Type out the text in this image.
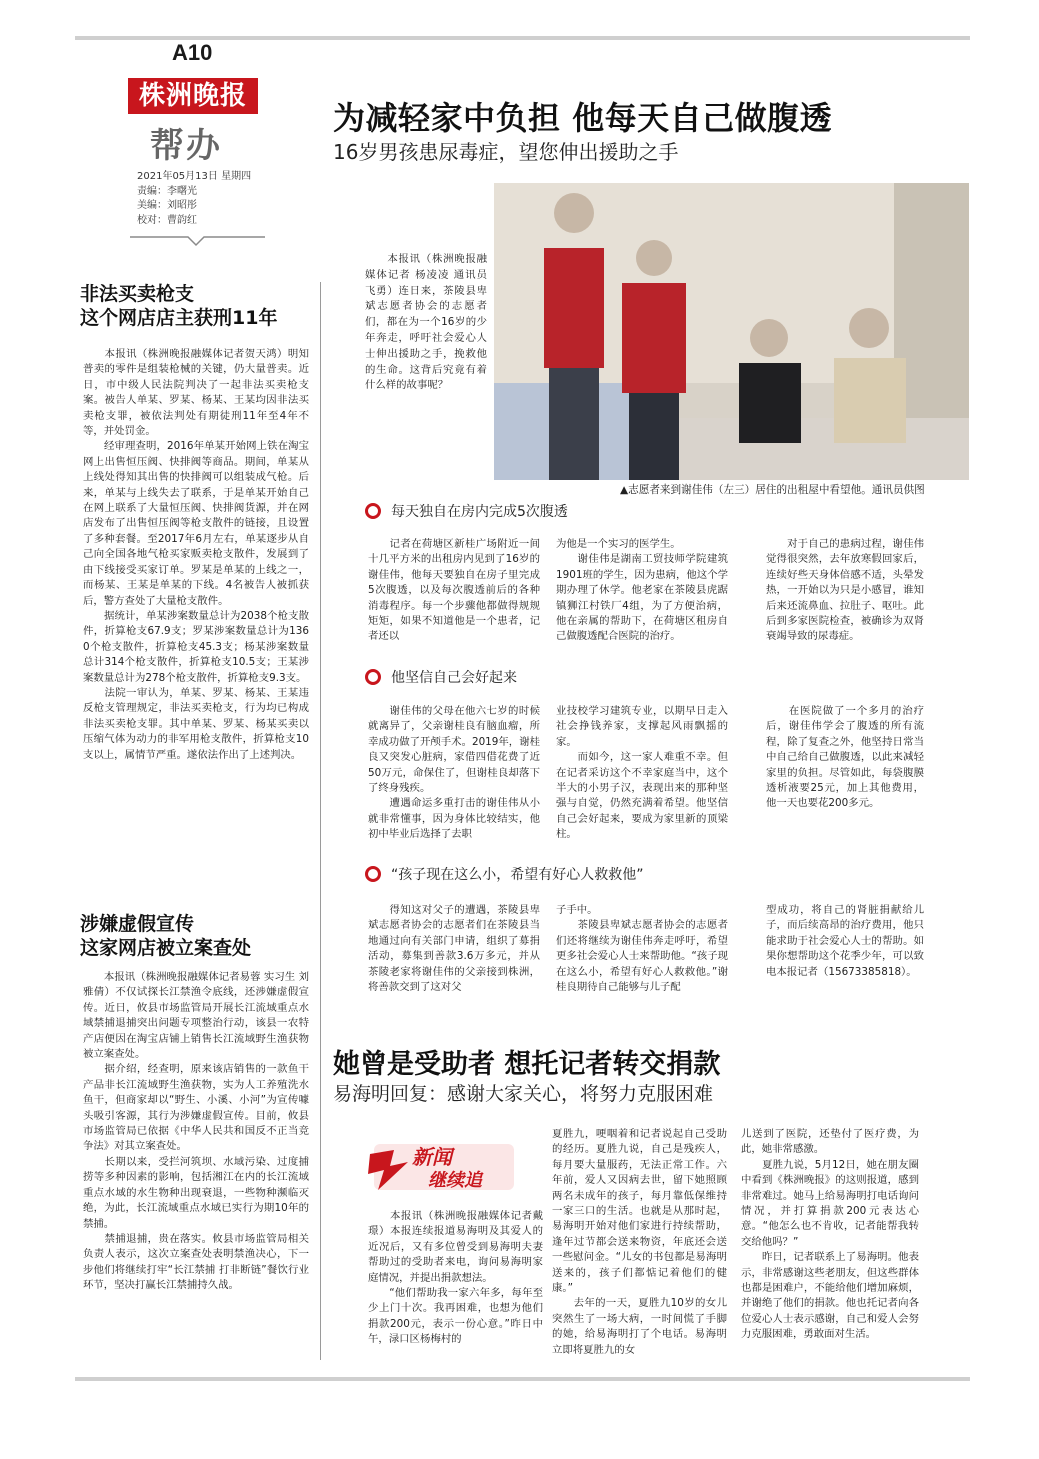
A10
株洲晚报
帮办
2021年05月13日 星期四
责编：李曙光
美编：刘昭彤
校对：曹韵红
非法买卖枪支
这个网店店主获刑11年
　　本报讯（株洲晚报融媒体记者贺天鸿）明知普卖的零件是组装枪械的关键，仍大量普卖。近日，市中级人民法院判决了一起非法买卖枪支案。被告人单某、罗某、杨某、王某均因非法买卖枪支罪，被依法判处有期徒刑11年至4年不等，并处罚金。
　　经审理查明，2016年单某开始网上铁在淘宝网上出售恒压阀、快排阀等商品。期间，单某从上线处得知其出售的快排阀可以组装成气枪。后来，单某与上线失去了联系，于是单某开始自己在网上联系了大量恒压阀、快排阀货源，并在网店发布了出售恒压阀等枪支散件的链接，且设置了多种套餐。至2017年6月左右，单某逐步从自己向全国各地气枪买家贩卖枪支散件，发展到了由下线接受买家订单。罗某是单某的上线之一，而杨某、王某是单某的下线。4名被告人被抓获后，警方查处了大量枪支散件。
　　据统计，单某涉案数量总计为2038个枪支散件，折算枪支67.9支；罗某涉案数量总计为1360个枪支散件，折算枪支45.3支；杨某涉案数量总计314个枪支散件，折算枪支10.5支；王某涉案数量总计为278个枪支散件，折算枪支9.3支。
　　法院一审认为，单某、罗某、杨某、王某违反枪支管理规定，非法买卖枪支，行为均已构成非法买卖枪支罪。其中单某、罗某、杨某买卖以压缩气体为动力的非军用枪支散件，折算枪支10支以上，属情节严重。遂依法作出了上述判决。
涉嫌虚假宣传
这家网店被立案查处
　　本报讯（株洲晚报融媒体记者易蓉 实习生 刘雅倩）不仅试探长江禁渔令底线，还涉嫌虚假宣传。近日，攸县市场监管局开展长江流域重点水域禁捕退捕突出问题专项整治行动，该县一农特产店便因在淘宝店铺上销售长江流域野生渔获物被立案查处。
　　据介绍，经查明，原来该店销售的一款鱼干产品非长江流域野生渔获物，实为人工养殖洗水鱼干，但商家却以“野生、小溪、小河”为宣传噱头吸引客源，其行为涉嫌虚假宣传。目前，攸县市场监管局已依据《中华人民共和国反不正当竞争法》对其立案查处。
　　长期以来，受拦河筑坝、水域污染、过度捕捞等多种因素的影响，包括湘江在内的长江流域重点水域的水生物种出现衰退，一些物种濒临灭绝，为此，长江流域重点水域已实行为期10年的禁捕。
　　禁捕退捕，贵在落实。攸县市场监管局相关负责人表示，这次立案查处表明禁渔决心，下一步他们将继续打牢“长江禁捕 打非断链”餐饮行业环节，坚决打赢长江禁捕持久战。
为减轻家中负担 他每天自己做腹透
16岁男孩患尿毒症，望您伸出援助之手
　　本报讯（株洲晚报融媒体记者 杨凌凌 通讯员 飞勇）连日来，茶陵县卑斌志愿者协会的志愿者们，都在为一个16岁的少年奔走，呼吁社会爱心人士伸出援助之手，挽救他的生命。这背后究竟有着什么样的故事呢？
▲志愿者来到谢佳伟（左三）居住的出租屋中看望他。通讯员供图
每天独自在房内完成5次腹透
　　记者在荷塘区新桂广场附近一间十几平方米的出租房内见到了16岁的谢佳伟，他每天要独自在房子里完成5次腹透，以及每次腹透前后的各种消毒程序。每一个步骤他都做得规规矩矩，如果不知道他是一个患者，记者还以
为他是一个实习的医学生。
　　谢佳伟是湖南工贸技师学院建筑1901班的学生，因为患病，他这个学期办理了休学。他老家在茶陵县虎踞镇狮江村铁厂4组，为了方便治病，他在亲属的帮助下，在荷塘区租房自己做腹透配合医院的治疗。
　　对于自己的患病过程，谢佳伟觉得很突然，去年放寒假回家后，连续好些天身体倍感不适，头晕发热，一开始以为只是小感冒，谁知后来还流鼻血、拉肚子、呕吐。此后到多家医院检查，被确诊为双肾衰竭导致的尿毒症。
他坚信自己会好起来
　　谢佳伟的父母在他六七岁的时候就离异了，父亲谢桂良有脑血瘤，所幸成功做了开颅手术。2019年，谢桂良又突发心脏病，家借四借花费了近50万元，命保住了，但谢桂良却落下了终身残疾。
　　遭遇命运多重打击的谢佳伟从小就非常懂事，因为身体比较结实，他初中毕业后选择了去职
业技校学习建筑专业，以期早日走入社会挣钱养家，支撑起风雨飘摇的家。
　　而如今，这一家人难重不幸。但在记者采访这个不幸家庭当中，这个半大的小男子汉，表现出来的那种坚强与自觉，仍然充满着希望。他坚信自己会好起来，要成为家里新的顶梁柱。
　　在医院做了一个多月的治疗后，谢佳伟学会了腹透的所有流程，除了复查之外，他坚持日常当中自己给自己做腹透，以此来减轻家里的负担。尽管如此，每袋腹膜透析液要25元，加上其他费用，他一天也要花200多元。
“孩子现在这么小，希望有好心人救救他”
　　得知这对父子的遭遇，茶陵县卑斌志愿者协会的志愿者们在茶陵县当地通过向有关部门申请，组织了募捐活动，募集到善款3.6万多元，并从茶陵老家将谢佳伟的父亲接到株洲，将善款交到了这对父
子手中。
　　茶陵县卑斌志愿者协会的志愿者们还将继续为谢佳伟奔走呼吁，希望更多社会爱心人士来帮助他。“孩子现在这么小，希望有好心人救救他。”谢桂良期待自己能够与儿子配
型成功，将自己的肾脏捐献给儿子，而后续高昂的治疗费用，他只能求助于社会爱心人士的帮助。如果你想帮助这个花季少年，可以致电本报记者（15673385818）。
她曾是受助者 想托记者转交捐款
易海明回复：感谢大家关心，将努力克服困难
新闻
继续追
　　本报讯（株洲晚报融媒体记者戴璟）本报连续报道易海明及其爱人的近况后，又有多位曾受到易海明夫妻帮助过的受助者来电，询问易海明家庭情况，并提出捐款想法。
　　“他们帮助我一家六年多，每年至少上门十次。我再困难，也想为他们捐款200元，表示一份心意。”昨日中午，渌口区杨梅村的
夏胜九，哽咽着和记者说起自己受助的经历。夏胜九说，自己是残疾人，每月要大量服药，无法正常工作。六年前，爱人又因病去世，留下她照顾两名未成年的孩子，每月靠低保维持一家三口的生活。也就是从那时起，易海明开始对他们家进行持续帮助，逢年过节都会送来物资，年底还会送一些慰问金。“儿女的书包都是易海明送来的，孩子们都惦记着他们的健康。”
　　去年的一天，夏胜九10岁的女儿突然生了一场大病，一时间慌了手脚的她，给易海明打了个电话。易海明立即将夏胜九的女
儿送到了医院，还垫付了医疗费，为此，她非常感激。
　　夏胜九说，5月12日，她在朋友圈中看到《株洲晚报》的这则报道，感到非常难过。她马上给易海明打电话询问情况，并打算捐款200元表达心意。“他怎么也不肯收，记者能帮我转交给他吗？”
　　昨日，记者联系上了易海明。他表示，非常感谢这些老朋友，但这些群体也都是困难户，不能给他们增加麻烦，并谢绝了他们的捐款。他也托记者向各位爱心人士表示感谢，自己和爱人会努力克服困难，勇敢面对生活。
